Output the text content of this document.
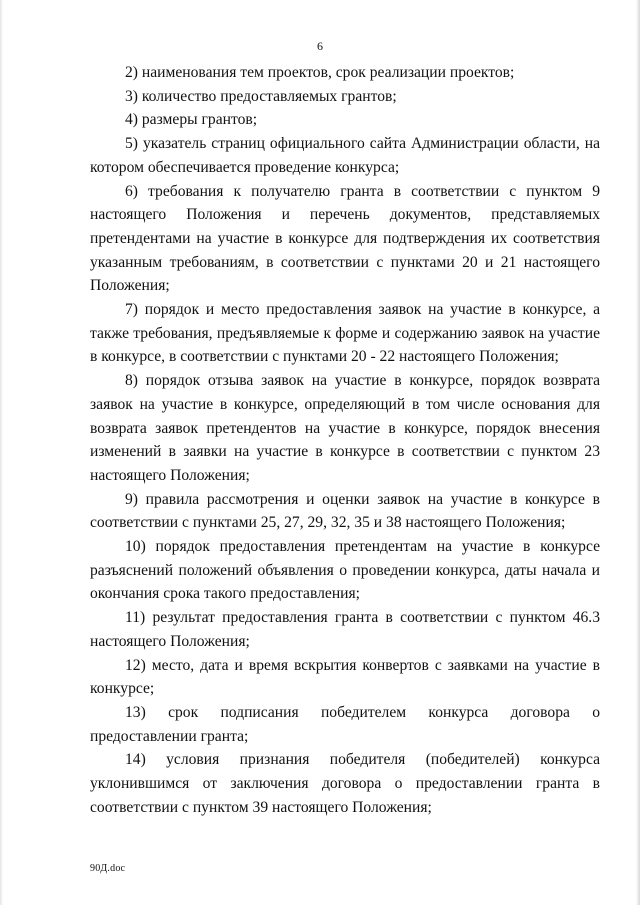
6

2) наименования тем проектов, срок реализации проектов;

3) количество предоставляемых грантов;

4) размеры грантов;

5) указатель страниц официального сайта Администрации области, на котором обеспечивается проведение конкурса;

6) требования к получателю гранта в соответствии с пунктом 9 настоящего Положения и перечень документов, представляемых претендентами на участие в конкурсе для подтверждения их соответствия указанным требованиям, в соответствии с пунктами 20 и 21 настоящего Положения;

7) порядок и место предоставления заявок на участие в конкурсе, а также требования, предъявляемые к форме и содержанию заявок на участие в конкурсе, в соответствии с пунктами 20 - 22 настоящего Положения;

8) порядок отзыва заявок на участие в конкурсе, порядок возврата заявок на участие в конкурсе, определяющий в том числе основания для возврата заявок претендентов на участие в конкурсе, порядок внесения изменений в заявки на участие в конкурсе в соответствии с пунктом 23 настоящего Положения;

9) правила рассмотрения и оценки заявок на участие в конкурсе в соответствии с пунктами 25, 27, 29, 32, 35 и 38 настоящего Положения;

10) порядок предоставления претендентам на участие в конкурсе разъяснений положений объявления о проведении конкурса, даты начала и окончания срока такого предоставления;

11) результат предоставления гранта в соответствии с пунктом 46.3 настоящего Положения;

12) место, дата и время вскрытия конвертов с заявками на участие в конкурсе;

13) срок подписания победителем конкурса договора о предоставлении гранта;

14) условия признания победителя (победителей) конкурса уклонившимся от заключения договора о предоставлении гранта в соответствии с пунктом 39 настоящего Положения;

90Д.doc
